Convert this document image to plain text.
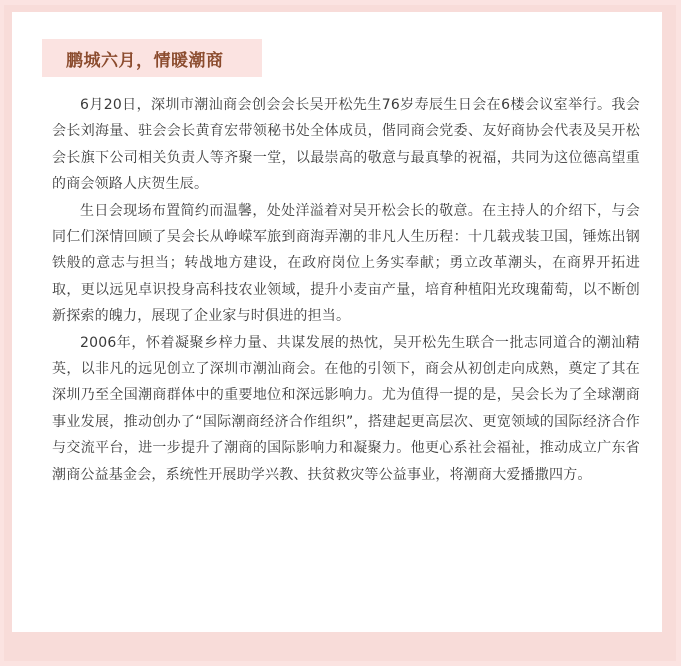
鹏城六月，情暖潮商

6月20日，深圳市潮汕商会创会会长吴开松先生76岁寿辰生日会在6楼会议室举行。我会会长刘海量、驻会会长黄育宏带领秘书处全体成员，偕同商会党委、友好商协会代表及吴开松会长旗下公司相关负责人等齐聚一堂，以最崇高的敬意与最真挚的祝福，共同为这位德高望重的商会领路人庆贺生辰。

生日会现场布置简约而温馨，处处洋溢着对吴开松会长的敬意。在主持人的介绍下，与会同仁们深情回顾了吴会长从峥嵘军旅到商海弄潮的非凡人生历程：十几载戎装卫国，锤炼出钢铁般的意志与担当；转战地方建设，在政府岗位上务实奉献；勇立改革潮头，在商界开拓进取，更以远见卓识投身高科技农业领域，提升小麦亩产量，培育种植阳光玫瑰葡萄，以不断创新探索的魄力，展现了企业家与时俱进的担当。

2006年，怀着凝聚乡梓力量、共谋发展的热忱，吴开松先生联合一批志同道合的潮汕精英，以非凡的远见创立了深圳市潮汕商会。在他的引领下，商会从初创走向成熟，奠定了其在深圳乃至全国潮商群体中的重要地位和深远影响力。尤为值得一提的是，吴会长为了全球潮商事业发展，推动创办了“国际潮商经济合作组织”，搭建起更高层次、更宽领域的国际经济合作与交流平台，进一步提升了潮商的国际影响力和凝聚力。他更心系社会福祉，推动成立广东省潮商公益基金会，系统性开展助学兴教、扶贫救灾等公益事业，将潮商大爱播撒四方。
